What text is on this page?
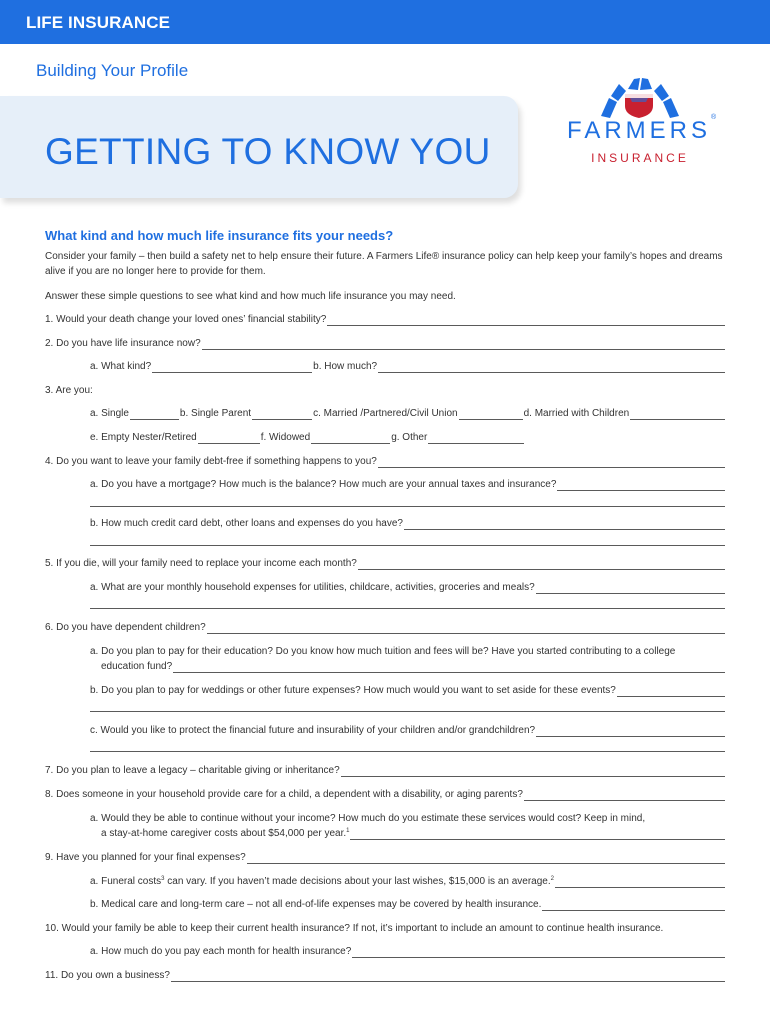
LIFE INSURANCE
Building Your Profile
GETTING TO KNOW YOU
FARMERS ®
INSURANCE
What kind and how much life insurance fits your needs?
Consider your family – then build a safety net to help ensure their future. A Farmers Life® insurance policy can help keep your family’s hopes and dreams alive if you are no longer here to provide for them.
Answer these simple questions to see what kind and how much life insurance you may need.
1. Would your death change your loved ones’ financial stability?
2. Do you have life insurance now?
a. What kind?	b. How much?
3. Are you:
a. Single	b. Single Parent	c. Married /Partnered/Civil Union	d. Married with Children
e. Empty Nester/Retired	f. Widowed	g. Other
4. Do you want to leave your family debt-free if something happens to you?
a. Do you have a mortgage? How much is the balance? How much are your annual taxes and insurance?
b. How much credit card debt, other loans and expenses do you have?
5. If you die, will your family need to replace your income each month?
a. What are your monthly household expenses for utilities, childcare, activities, groceries and meals?
6. Do you have dependent children?
a. Do you plan to pay for their education? Do you know how much tuition and fees will be? Have you started contributing to a college
education fund?
b. Do you plan to pay for weddings or other future expenses? How much would you want to set aside for these events?
c. Would you like to protect the financial future and insurability of your children and/or grandchildren?
7. Do you plan to leave a legacy – charitable giving or inheritance?
8. Does someone in your household provide care for a child, a dependent with a disability, or aging parents?
a. Would they be able to continue without your income? How much do you estimate these services would cost? Keep in mind,
a stay-at-home caregiver costs about $54,000 per year.$^1$
9. Have you planned for your final expenses?
a. Funeral costs$^3$ can vary. If you haven’t made decisions about your last wishes, $15,000 is an average.$^2$
b. Medical care and long-term care – not all end-of-life expenses may be covered by health insurance.
10. Would your family be able to keep their current health insurance? If not, it’s important to include an amount to continue health insurance.
a. How much do you pay each month for health insurance?
11. Do you own a business?
